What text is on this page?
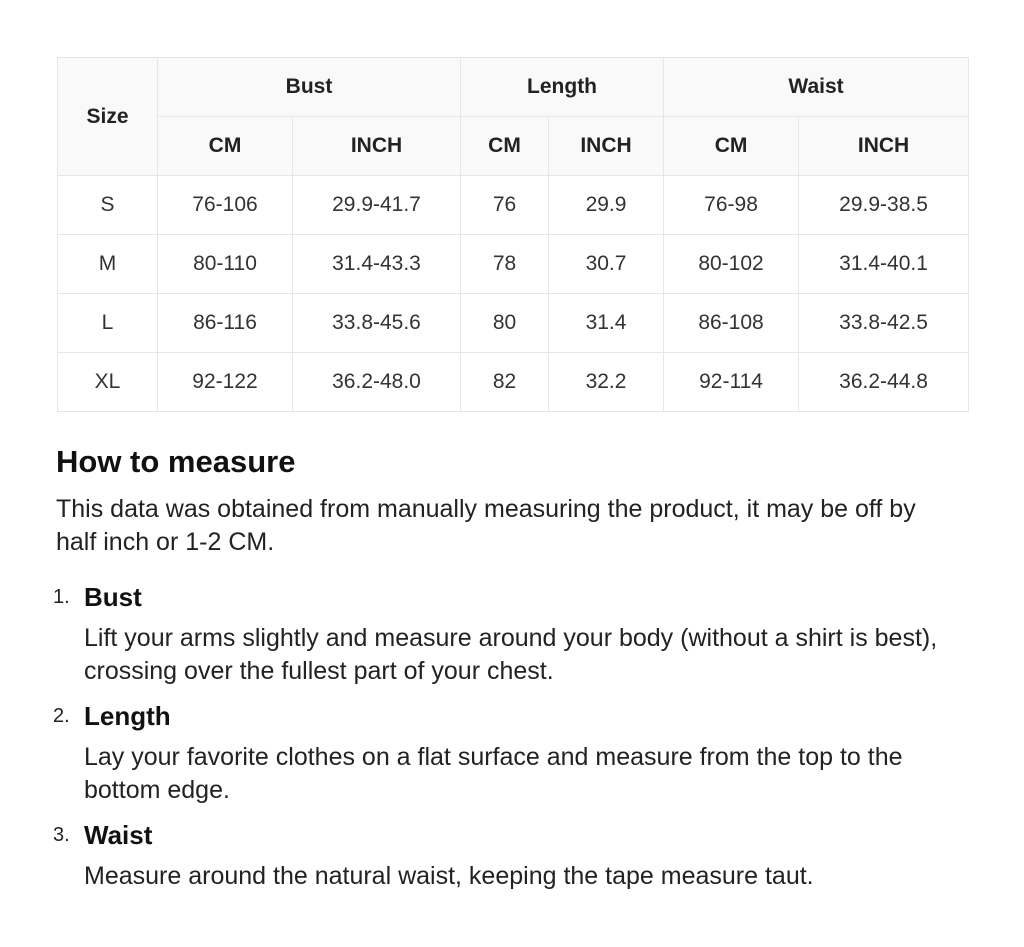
Size	Bust		Length		Waist	
	CM	INCH	CM	INCH	CM	INCH
S	76-106	29.9-41.7	76	29.9	76-98	29.9-38.5
M	80-110	31.4-43.3	78	30.7	80-102	31.4-40.1
L	86-116	33.8-45.6	80	31.4	86-108	33.8-42.5
XL	92-122	36.2-48.0	82	32.2	92-114	36.2-44.8
How to measure

This data was obtained from manually measuring the product, it may be off by half inch or 1-2 CM.

1. Bust
Lift your arms slightly and measure around your body (without a shirt is best), crossing over the fullest part of your chest.
2. Length
Lay your favorite clothes on a flat surface and measure from the top to the bottom edge.
3. Waist
Measure around the natural waist, keeping the tape measure taut.
